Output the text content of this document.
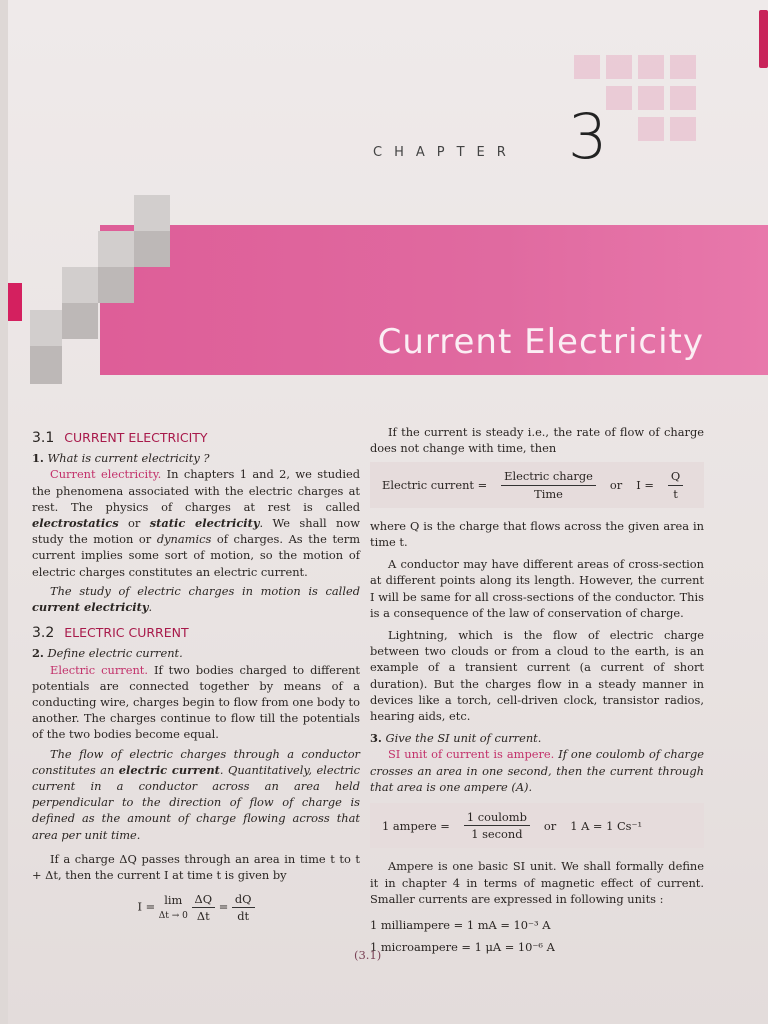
CHAPTER 3
Current Electricity
3.1 CURRENT ELECTRICITY

1. What is current electricity ?

Current electricity. In chapters 1 and 2, we studied the phenomena associated with the electric charges at rest. The physics of charges at rest is called electrostatics or static electricity. We shall now study the motion or dynamics of charges. As the term current implies some sort of motion, so the motion of electric charges constitutes an electric current.

The study of electric charges in motion is called current electricity.

3.2 ELECTRIC CURRENT

2. Define electric current.

Electric current. If two bodies charged to different potentials are connected together by means of a conducting wire, charges begin to flow from one body to another. The charges continue to flow till the potentials of the two bodies become equal.

The flow of electric charges through a conductor constitutes an electric current. Quantitatively, electric current in a conductor across an area held perpendicular to the direction of flow of charge is defined as the amount of charge flowing across that area per unit time.

If a charge ΔQ passes through an area in time t to t + Δt, then the current I at time t is given by

I =
lim
Δt → 0
$\frac{\Delta Q}{\Delta t} = \frac{dQ}{dt}$

If the current is steady i.e., the rate of flow of charge does not change with time, then

Electric current = $\frac{\text{Electric charge}}{\text{Time}}$ or $I = \frac{Q}{t}$

where Q is the charge that flows across the given area in time t.

A conductor may have different areas of cross-section at different points along its length. However, the current I will be same for all cross-sections of the conductor. This is a consequence of the law of conservation of charge.

Lightning, which is the flow of electric charge between two clouds or from a cloud to the earth, is an example of a transient current (a current of short duration). But the charges flow in a steady manner in devices like a torch, cell-driven clock, transistor radios, hearing aids, etc.

3. Give the SI unit of current.

SI unit of current is ampere. If one coulomb of charge crosses an area in one second, then the current through that area is one ampere (A).

1 ampere = $\frac{\text{1 coulomb}}{\text{1 second}}$ or 1 A = 1 Cs⁻¹

Ampere is one basic SI unit. We shall formally define it in chapter 4 in terms of magnetic effect of current. Smaller currents are expressed in following units :

1 milliampere = 1 mA = 10⁻³ A

1 microampere = 1 μA = 10⁻⁶ A

(3.1)
